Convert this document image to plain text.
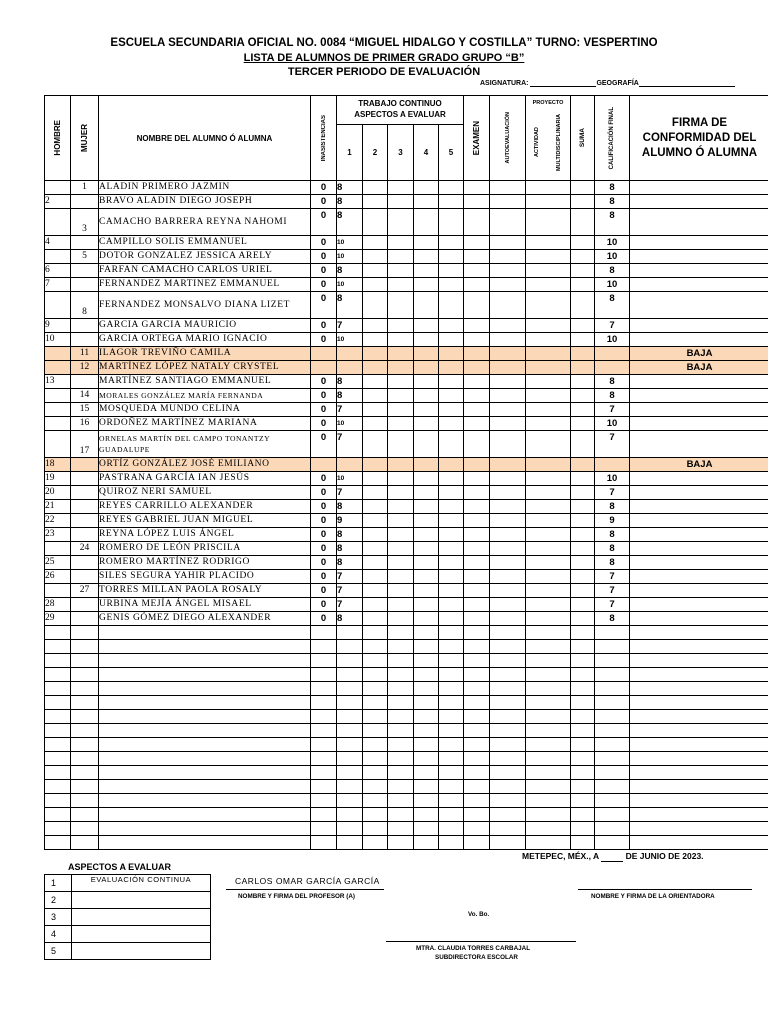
ESCUELA SECUNDARIA OFICIAL NO. 0084 “MIGUEL HIDALGO Y COSTILLA” TURNO: VESPERTINO
LISTA DE ALUMNOS DE PRIMER GRADO GRUPO “B”
TERCER PERIODO DE EVALUACIÓN
ASIGNATURA:	GEOGRAFÍA
HOMBRE	MUJER	NOMBRE DEL ALUMNO Ó ALUMNA	INASISTENCIAS	TRABAJO CONTINUO ASPECTOS A EVALUAR					EXAMEN	AUTOEVALUACIÓN	PROYECTO
ACTIVIDAD MULTIDISCIPLINARIA	SUMA	CALIFICACIÓN FINAL	FIRMA DE CONFORMIDAD DEL ALUMNO Ó ALUMNA
				1	2	3	4	5						
	1	ALADIN PRIMERO JAZMIN	0	8									8	
2		BRAVO ALADIN DIEGO JOSEPH	0	8									8	
	3	CAMACHO BARRERA REYNA NAHOMI	0	8									8	
4		CAMPILLO SOLIS EMMANUEL	0	10									10	
	5	DOTOR GONZALEZ JESSICA ARELY	0	10									10	
6		FARFAN CAMACHO CARLOS URIEL	0	8									8	
7		FERNANDEZ MARTINEZ EMMANUEL	0	10									10	
	8	FERNANDEZ MONSALVO DIANA LIZET	0	8									8	
9		GARCIA GARCIA MAURICIO	0	7									7	
10		GARCIA ORTEGA MARIO IGNACIO	0	10									10	
	11	ILAGOR TREVIÑO CAMILA												BAJA
	12	MARTÍNEZ LÓPEZ NATALY CRYSTEL												BAJA
13		MARTÍNEZ SANTIAGO EMMANUEL	0	8									8	
	14	MORALES GONZÁLEZ MARÍA FERNANDA	0	8									8	
	15	MOSQUEDA MUNDO CELINA	0	7									7	
	16	ORDOÑEZ MARTÍNEZ MARIANA	0	10									10	
	17	ORNELAS MARTÍN DEL CAMPO TONANTZY GUADALUPE	0	7									7	
18		ORTÍZ GONZÁLEZ JOSÉ EMILIANO												BAJA
19		PASTRANA GARCÍA IAN JESÚS	0	10									10	
20		QUIROZ NERI SAMUEL	0	7									7	
21		REYES CARRILLO ALEXANDER	0	8									8	
22		REYES GABRIEL JUAN MIGUEL	0	9									9	
23		REYNA LÓPEZ LUIS ÁNGEL	0	8									8	
	24	ROMERO DE LEÓN PRISCILA	0	8									8	
25		ROMERO MARTÍNEZ RODRIGO	0	8									8	
26		SILES SEGURA YAHIR PLACIDO	0	7									7	
	27	TORRES MILLAN PAOLA ROSALY	0	7									7	
28		URBINA MEJÍA ÁNGEL MISAEL	0	7									7	
29		GENIS GÓMEZ DIEGO ALEXANDER	0	8									8	

METEPEC, MÉX., A	DE JUNIO DE 2023.
ASPECTOS A EVALUAR
1	EVALUACIÓN CONTINUA
2	
3	
4	
5	
CARLOS OMAR GARCÍA GARCÍA
NOMBRE Y FIRMA DEL PROFESOR (A)	NOMBRE Y FIRMA DE LA ORIENTADORA
Vo. Bo.
MTRA. CLAUDIA TORRES CARBAJAL
SUBDIRECTORA ESCOLAR
